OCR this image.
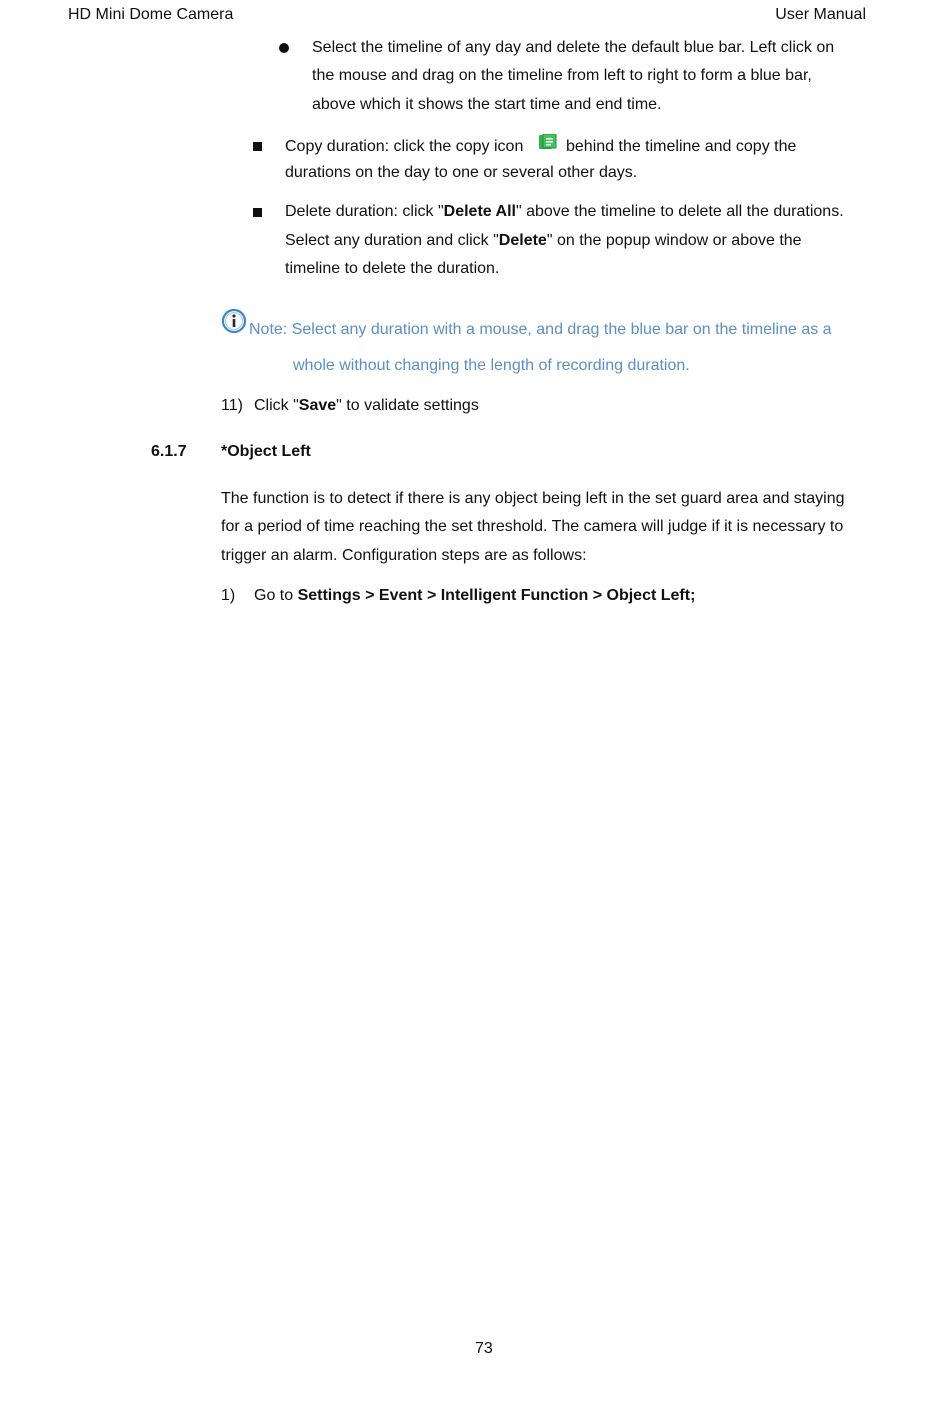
HD Mini Dome Camera	User Manual
Select the timeline of any day and delete the default blue bar. Left click on
the mouse and drag on the timeline from left to right to form a blue bar,
above which it shows the start time and end time.
Copy duration: click the copy icon	behind the timeline and copy the
durations on the day to one or several other days.
Delete duration: click "Delete All" above the timeline to delete all the durations.
Select any duration and click "Delete" on the popup window or above the
timeline to delete the duration.
Note: Select any duration with a mouse, and drag the blue bar on the timeline as a
whole without changing the length of recording duration.
11) Click "Save" to validate settings
6.1.7 *Object Left
The function is to detect if there is any object being left in the set guard area and staying
for a period of time reaching the set threshold. The camera will judge if it is necessary to
trigger an alarm. Configuration steps are as follows:
1) Go to Settings > Event > Intelligent Function > Object Left;
73
